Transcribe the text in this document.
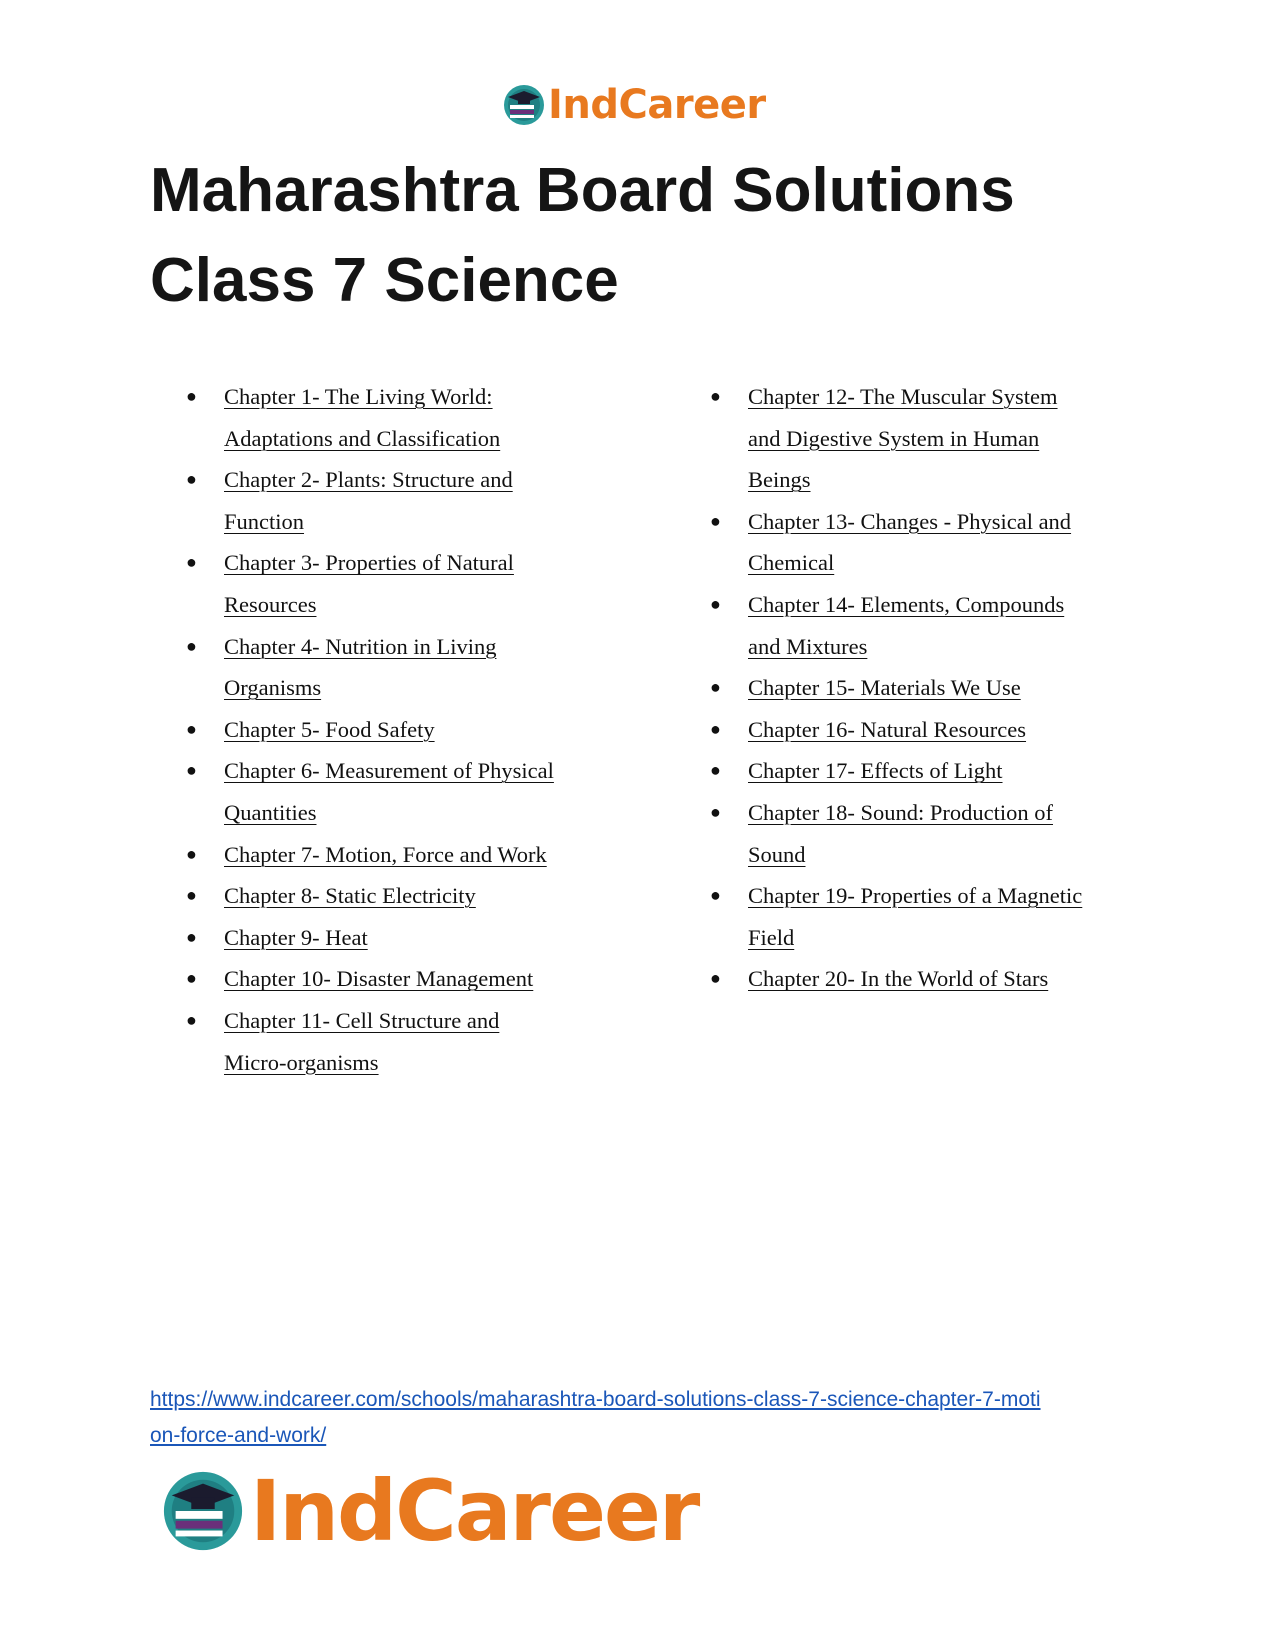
IndCareer
Maharashtra Board Solutions
Class 7 Science
● Chapter 1- The Living World:
Adaptations and Classification
● Chapter 2- Plants: Structure and
Function
● Chapter 3- Properties of Natural
Resources
● Chapter 4- Nutrition in Living
Organisms
● Chapter 5- Food Safety
● Chapter 6- Measurement of Physical
Quantities
● Chapter 7- Motion, Force and Work
● Chapter 8- Static Electricity
● Chapter 9- Heat
● Chapter 10- Disaster Management
● Chapter 11- Cell Structure and
Micro-organisms
● Chapter 12- The Muscular System
and Digestive System in Human
Beings
● Chapter 13- Changes - Physical and
Chemical
● Chapter 14- Elements, Compounds
and Mixtures
● Chapter 15- Materials We Use
● Chapter 16- Natural Resources
● Chapter 17- Effects of Light
● Chapter 18- Sound: Production of
Sound
● Chapter 19- Properties of a Magnetic
Field
● Chapter 20- In the World of Stars

https://www.indcareer.com/schools/maharashtra-board-solutions-class-7-science-chapter-7-moti
on-force-and-work/

IndCareer
